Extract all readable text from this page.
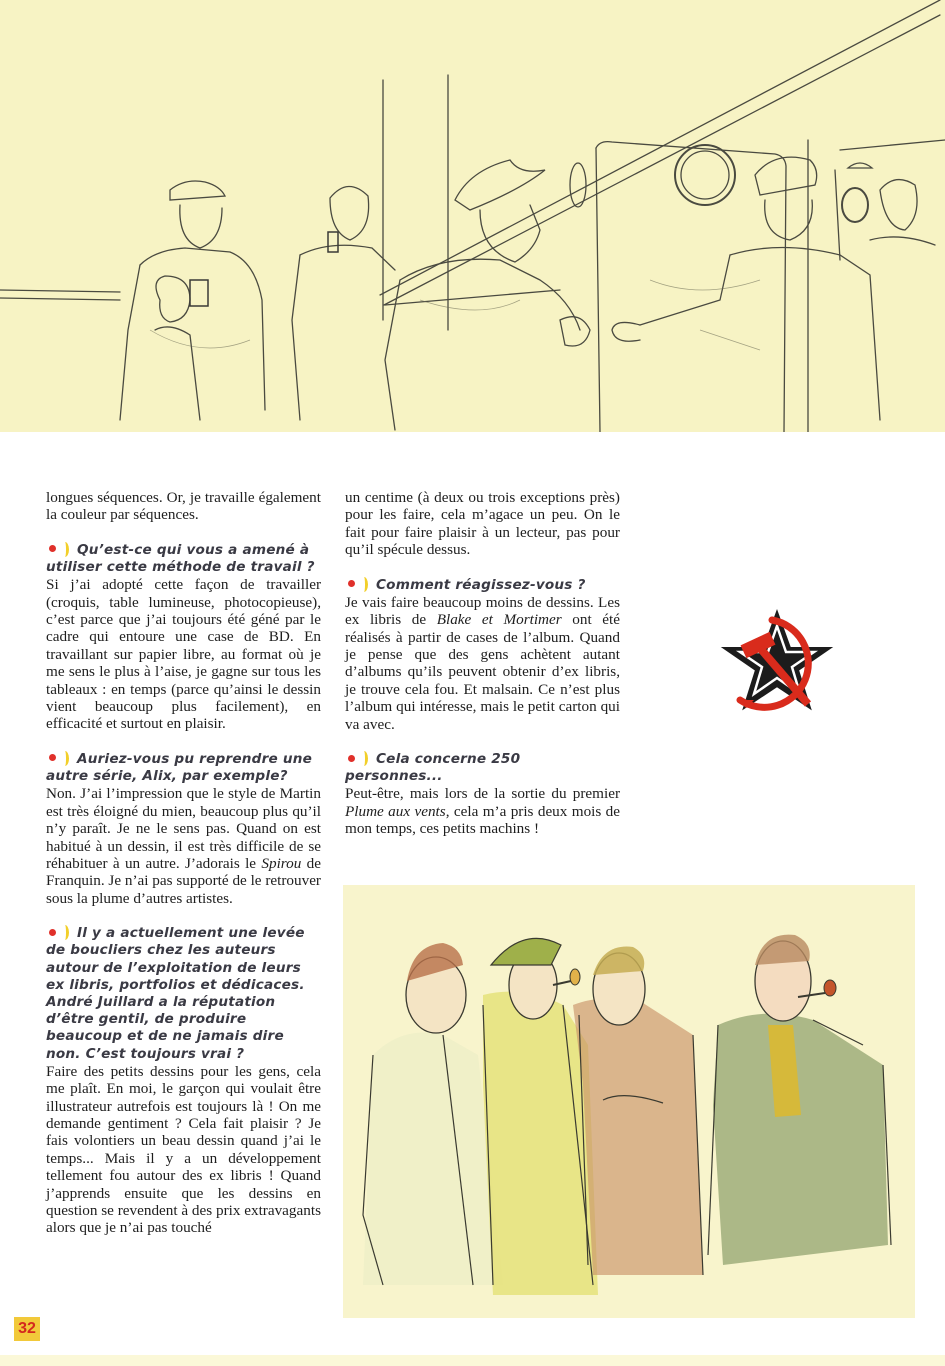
longues séquences. Or, je travaille également la couleur par séquences.

Qu’est-ce qui vous a amené à utiliser cette méthode de travail ?

Si j’ai adopté cette façon de travailler (croquis, table lumineuse, photocopieuse), c’est parce que j’ai toujours été géné par le cadre qui entoure une case de BD. En travaillant sur papier libre, au format où je me sens le plus à l’aise, je gagne sur tous les tableaux : en temps (parce qu’ainsi le dessin vient beaucoup plus facilement), en efficacité et surtout en plaisir.

Auriez-vous pu reprendre une autre série, Alix, par exemple?

Non. J’ai l’impression que le style de Martin est très éloigné du mien, beaucoup plus qu’il n’y paraît. Je ne le sens pas. Quand on est habitué à un dessin, il est très difficile de se réhabituer à un autre. J’adorais le Spirou de Franquin. Je n’ai pas supporté de le retrouver sous la plume d’autres artistes.

Il y a actuellement une levée de boucliers chez les auteurs autour de l’exploitation de leurs ex libris, portfolios et dédicaces. André Juillard a la réputation d’être gentil, de produire beaucoup et de ne jamais dire non. C’est toujours vrai ?

Faire des petits dessins pour les gens, cela me plaît. En moi, le garçon qui voulait être illustrateur autrefois est toujours là ! On me demande gentiment ? Cela fait plaisir ? Je fais volontiers un beau dessin quand j’ai le temps... Mais il y a un développement tellement fou autour des ex libris ! Quand j’apprends ensuite que les dessins en question se revendent à des prix extravagants alors que je n’ai pas touché

un centime (à deux ou trois exceptions près) pour les faire, cela m’agace un peu. On le fait pour faire plaisir à un lecteur, pas pour qu’il spécule dessus.

Comment réagissez-vous ?

Je vais faire beaucoup moins de dessins. Les ex libris de Blake et Mortimer ont été réalisés à partir de cases de l’album. Quand je pense que des gens achètent autant d’albums qu’ils peuvent obtenir d’ex libris, je trouve cela fou. Et malsain. Ce n’est plus l’album qui intéresse, mais le petit carton qui va avec.

Cela concerne 250 personnes...

Peut-être, mais lors de la sortie du premier Plume aux vents, cela m’a pris deux mois de mon temps, ces petits machins !

32
